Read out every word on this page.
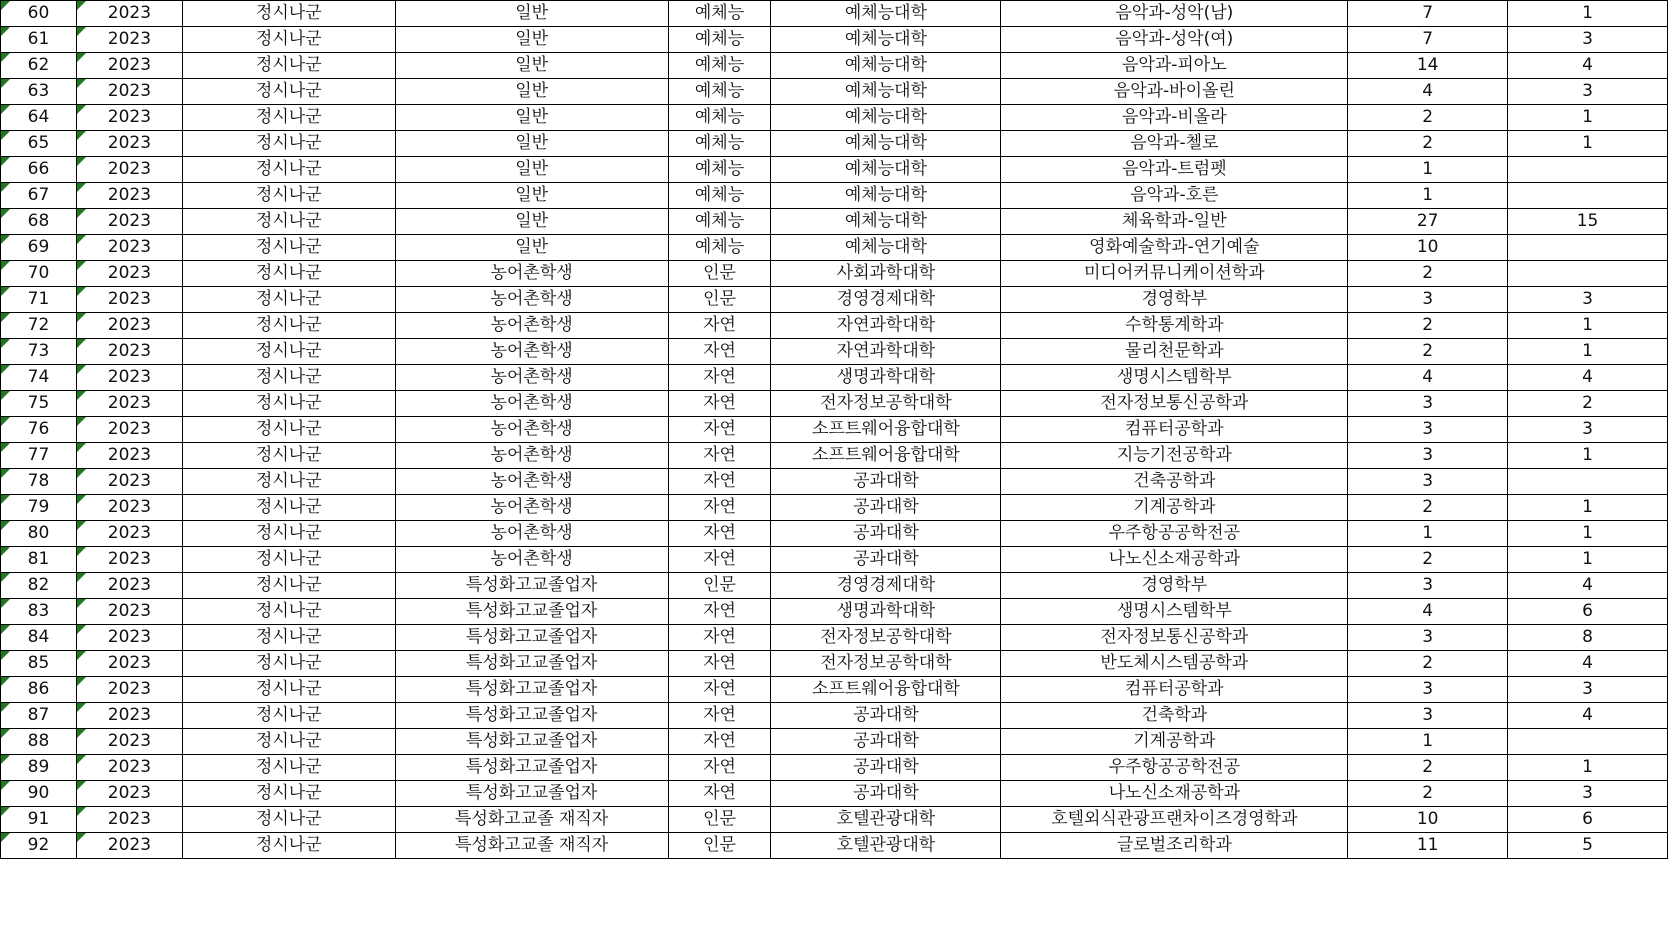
60	2023	정시나군	일반	예체능	예체능대학	음악과-성악(남)	7	1

61	2023	정시나군	일반	예체능	예체능대학	음악과-성악(여)	7	3

62	2023	정시나군	일반	예체능	예체능대학	음악과-피아노	14	4

63	2023	정시나군	일반	예체능	예체능대학	음악과-바이올린	4	3

64	2023	정시나군	일반	예체능	예체능대학	음악과-비올라	2	1

65	2023	정시나군	일반	예체능	예체능대학	음악과-첼로	2	1

66	2023	정시나군	일반	예체능	예체능대학	음악과-트럼펫	1	

67	2023	정시나군	일반	예체능	예체능대학	음악과-호른	1	

68	2023	정시나군	일반	예체능	예체능대학	체육학과-일반	27	15

69	2023	정시나군	일반	예체능	예체능대학	영화예술학과-연기예술	10	

70	2023	정시나군	농어촌학생	인문	사회과학대학	미디어커뮤니케이션학과	2	

71	2023	정시나군	농어촌학생	인문	경영경제대학	경영학부	3	3

72	2023	정시나군	농어촌학생	자연	자연과학대학	수학통계학과	2	1

73	2023	정시나군	농어촌학생	자연	자연과학대학	물리천문학과	2	1

74	2023	정시나군	농어촌학생	자연	생명과학대학	생명시스템학부	4	4

75	2023	정시나군	농어촌학생	자연	전자정보공학대학	전자정보통신공학과	3	2

76	2023	정시나군	농어촌학생	자연	소프트웨어융합대학	컴퓨터공학과	3	3

77	2023	정시나군	농어촌학생	자연	소프트웨어융합대학	지능기전공학과	3	1

78	2023	정시나군	농어촌학생	자연	공과대학	건축공학과	3	

79	2023	정시나군	농어촌학생	자연	공과대학	기계공학과	2	1

80	2023	정시나군	농어촌학생	자연	공과대학	우주항공공학전공	1	1

81	2023	정시나군	농어촌학생	자연	공과대학	나노신소재공학과	2	1

82	2023	정시나군	특성화고교졸업자	인문	경영경제대학	경영학부	3	4

83	2023	정시나군	특성화고교졸업자	자연	생명과학대학	생명시스템학부	4	6

84	2023	정시나군	특성화고교졸업자	자연	전자정보공학대학	전자정보통신공학과	3	8

85	2023	정시나군	특성화고교졸업자	자연	전자정보공학대학	반도체시스템공학과	2	4

86	2023	정시나군	특성화고교졸업자	자연	소프트웨어융합대학	컴퓨터공학과	3	3

87	2023	정시나군	특성화고교졸업자	자연	공과대학	건축학과	3	4

88	2023	정시나군	특성화고교졸업자	자연	공과대학	기계공학과	1	

89	2023	정시나군	특성화고교졸업자	자연	공과대학	우주항공공학전공	2	1

90	2023	정시나군	특성화고교졸업자	자연	공과대학	나노신소재공학과	2	3

91	2023	정시나군	특성화고교졸 재직자	인문	호텔관광대학	호텔외식관광프랜차이즈경영학과	10	6

92	2023	정시나군	특성화고교졸 재직자	인문	호텔관광대학	글로벌조리학과	11	5
